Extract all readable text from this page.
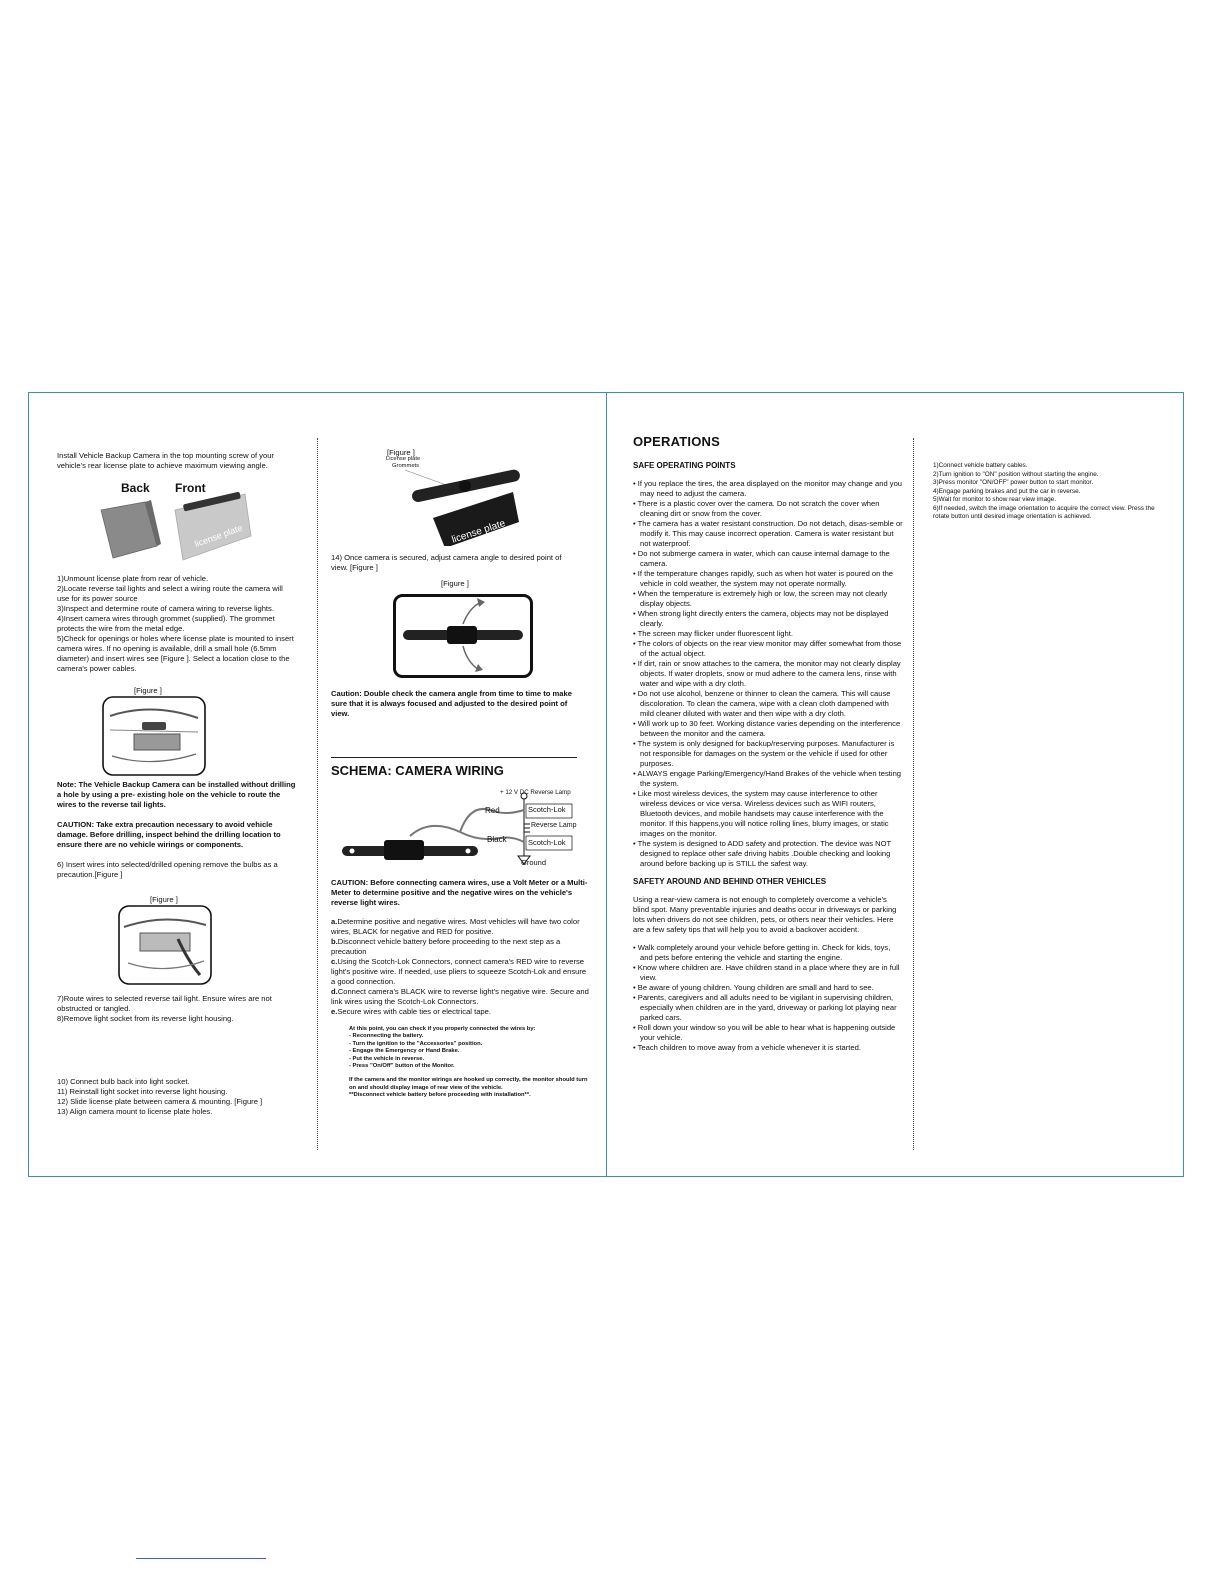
Install Vehicle Backup Camera in the top mounting screw of your vehicle's rear license plate to achieve maximum viewing angle.

Back Front
license plate

1)Unmount license plate from rear of vehicle.

2)Locate reverse tail lights and select a wiring route the camera will use for its power source

3)Inspect and determine route of camera wiring to reverse lights.

4)Insert camera wires through grommet (supplied). The grommet protects the wire from the metal edge.

5)Check for openings or holes where license plate is mounted to insert camera wires. If no opening is available, drill a small hole (6.5mm diameter) and insert wires see [Figure ]. Select a location close to the camera's power cables.

[Figure ]

Note: The Vehicle Backup Camera can be installed without drilling a hole by using a pre- existing hole on the vehicle to route the wires to the reverse tail lights.

CAUTION: Take extra precaution necessary to avoid vehicle damage. Before drilling, inspect behind the drilling location to ensure there are no vehicle wirings or components.

6) Insert wires into selected/drilled opening remove the bulbs as a precaution.[Figure ]

[Figure ]

7)Route wires to selected reverse tail light. Ensure wires are not obstructed or tangled.

8)Remove light socket from its reverse light housing.

10) Connect bulb back into light socket.

11) Reinstall light socket into reverse light housing.

12) Slide license plate between camera & mounting. [Figure ]

13) Align camera mount to license plate holes.

[Figure ]
License plate
Grommets
license plate

14) Once camera is secured, adjust camera angle to desired point of view. [Figure ]

[Figure ]

Caution: Double check the camera angle from time to time to make sure that it is always focused and adjusted to the desired point of view.

SCHEMA: CAMERA WIRING
+ 12 V DC Reverse Lamp
Red	Scotch-Lok
Reverse Lamp
Black	Scotch-Lok
Ground

CAUTION: Before connecting camera wires, use a Volt Meter or a Multi-Meter to determine positive and the negative wires on the vehicle's reverse light wires.

a.Determine positive and negative wires. Most vehicles will have two color wires, BLACK for negative and RED for positive.

b.Disconnect vehicle battery before proceeding to the next step as a precaution

c.Using the Scotch-Lok Connectors, connect camera's RED wire to reverse light's positive wire. If needed, use pliers to squeeze Scotch-Lok and ensure a good connection.

d.Connect camera's BLACK wire to reverse light's negative wire. Secure and link wires using the Scotch-Lok Connectors.

e.Secure wires with cable ties or electrical tape.

At this point, you can check if you properly connected the wires by:

- Reconnecting the battery.

- Turn the ignition to the "Accessories" position.

- Engage the Emergency or Hand Brake.

- Put the vehicle in reverse.

- Press "On/Off" button of the Monitor.

If the camera and the monitor wirings are hooked up correctly, the monitor should turn on and should display image of rear view of the vehicle.

**Disconnect vehicle battery before proceeding with installation**.

OPERATIONS
SAFE OPERATING POINTS

• If you replace the tires, the area displayed on the monitor may change and you may need to adjust the camera.

• There is a plastic cover over the camera. Do not scratch the cover when cleaning dirt or snow from the cover.

• The camera has a water resistant construction. Do not detach, disas-semble or modify it. This may cause incorrect operation. Camera is water resistant but not waterproof.

• Do not submerge camera in water, which can cause internal damage to the camera.

• If the temperature changes rapidly, such as when hot water is poured on the vehicle in cold weather, the system may not operate normally.

• When the temperature is extremely high or low, the screen may not clearly display objects.

• When strong light directly enters the camera, objects may not be displayed clearly.

• The screen may flicker under fluorescent light.

• The colors of objects on the rear view monitor may differ somewhat from those of the actual object.

• If dirt, rain or snow attaches to the camera, the monitor may not clearly display objects. If water droplets, snow or mud adhere to the camera lens, rinse with water and wipe with a dry cloth.

• Do not use alcohol, benzene or thinner to clean the camera. This will cause discoloration. To clean the camera, wipe with a clean cloth dampened with mild cleaner diluted with water and then wipe with a dry cloth.

• Will work up to 30 feet. Working distance varies depending on the interference between the monitor and the camera.

• The system is only designed for backup/reserving purposes. Manufacturer is not responsible for damages on the system or the vehicle if used for other purposes.

• ALWAYS engage Parking/Emergency/Hand Brakes of the vehicle when testing the system.

• Like most wireless devices, the system may cause interference to other wireless devices or vice versa. Wireless devices such as WIFI routers, Bluetooth devices, and mobile handsets may cause interference with the monitor. If this happens,you will notice rolling lines, blurry images, or static images on the monitor.

• The system is designed to ADD safety and protection. The device was NOT designed to replace other safe driving habits .Double checking and looking around before backing up is STILL the safest way.

SAFETY AROUND AND BEHIND OTHER VEHICLES

Using a rear-view camera is not enough to completely overcome a vehicle's blind spot. Many preventable injuries and deaths occur in driveways or parking lots when drivers do not see children, pets, or others near their vehicles. Here are a few safety tips that will help you to avoid a backover accident.

• Walk completely around your vehicle before getting in. Check for kids, toys, and pets before entering the vehicle and starting the engine.

• Know where children are. Have children stand in a place where they are in full view.

• Be aware of young children. Young children are small and hard to see.

• Parents, caregivers and all adults need to be vigilant in supervising children, especially when children are in the yard, driveway or parking lot playing near parked cars.

• Roll down your window so you will be able to hear what is happening outside your vehicle.

• Teach children to move away from a vehicle whenever it is started.

1)Connect vehicle battery cables.

2)Turn ignition to "ON" position without starting the engine.

3)Press monitor "ON/OFF" power button to start monitor.

4)Engage parking brakes and put the car in reverse.

5)Wait for monitor to show rear view image.

6)If needed, switch the image orientation to acquire the correct view. Press the rotate button until desired image orientation is achieved.
